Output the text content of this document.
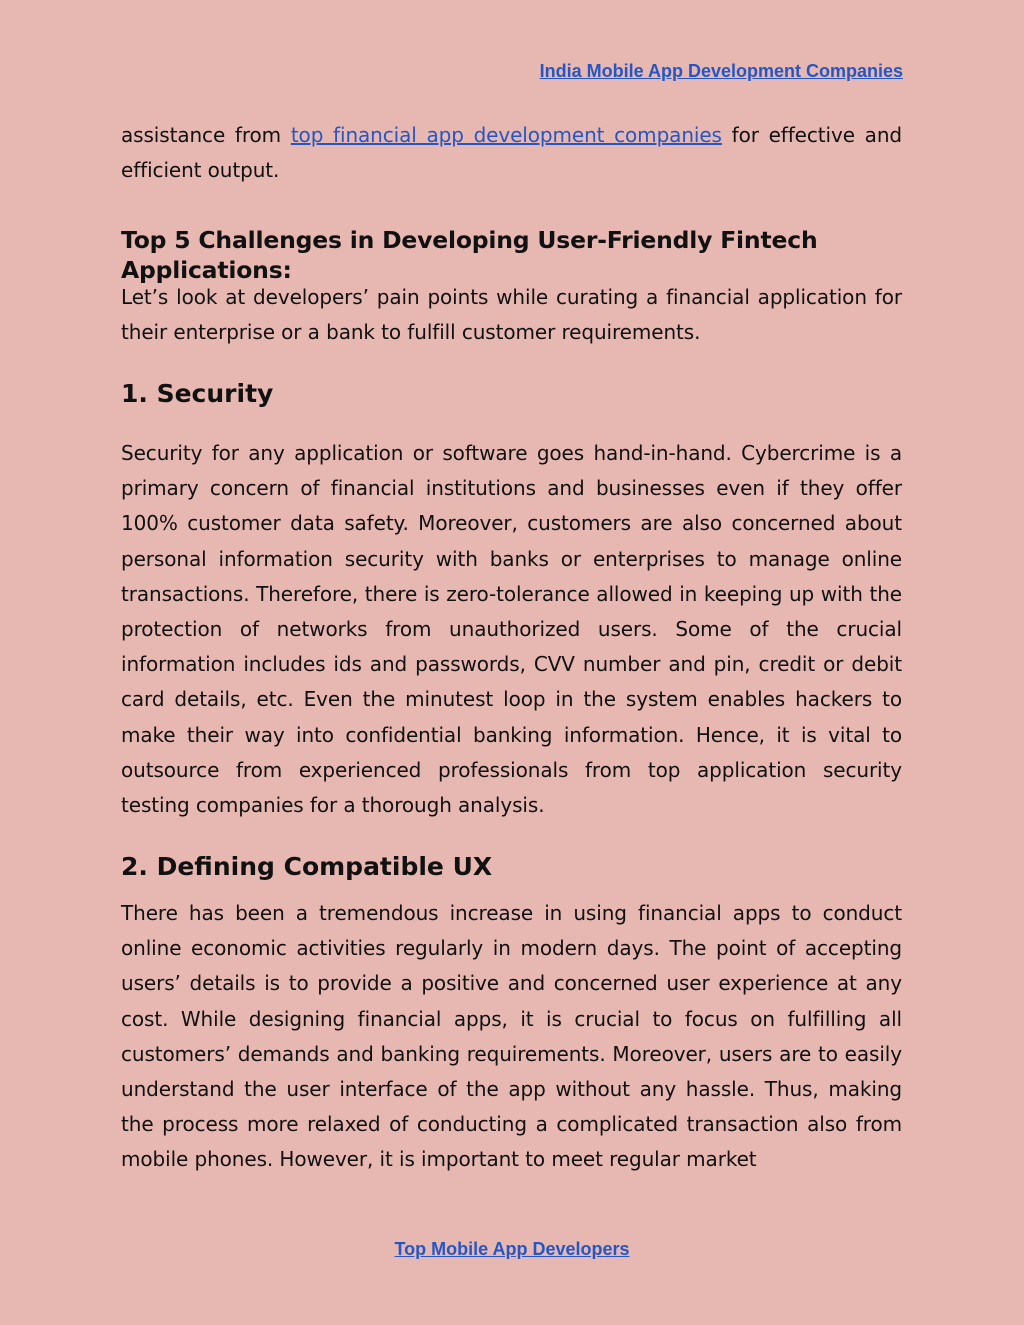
India Mobile App Development Companies

assistance from top financial app development companies for effective and efficient output.

Top 5 Challenges in Developing User-Friendly Fintech Applications:

Let’s look at developers’ pain points while curating a financial application for their enterprise or a bank to fulfill customer requirements.

1. Security

Security for any application or software goes hand-in-hand. Cybercrime is a primary concern of financial institutions and businesses even if they offer 100% customer data safety. Moreover, customers are also concerned about personal information security with banks or enterprises to manage online transactions. Therefore, there is zero-tolerance allowed in keeping up with the protection of networks from unauthorized users. Some of the crucial information includes ids and passwords, CVV number and pin, credit or debit card details, etc. Even the minutest loop in the system enables hackers to make their way into confidential banking information. Hence, it is vital to outsource from experienced professionals from top application security testing companies for a thorough analysis.

2. Defining Compatible UX

There has been a tremendous increase in using financial apps to conduct online economic activities regularly in modern days. The point of accepting users’ details is to provide a positive and concerned user experience at any cost. While designing financial apps, it is crucial to focus on fulfilling all customers’ demands and banking requirements. Moreover, users are to easily understand the user interface of the app without any hassle. Thus, making the process more relaxed of conducting a complicated transaction also from mobile phones. However, it is important to meet regular market

Top Mobile App Developers
